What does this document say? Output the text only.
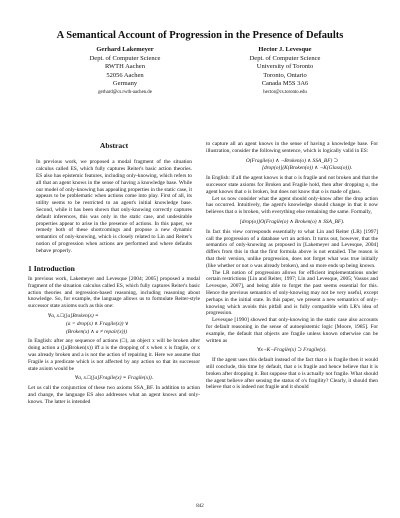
A Semantical Account of Progression in the Presence of Defaults
Gerhard Lakemeyer
Dept. of Computer Science
RWTH Aachen
52056 Aachen
Germany
gerhard@cs.rwth-aachen.de
Hector J. Levesque
Dept. of Computer Science
University of Toronto
Toronto, Ontario
Canada M5S 3A6
hector@cs.toronto.edu
Abstract

In previous work, we proposed a modal fragment of the situation calculus called ES, which fully captures Reiter's basic action theories. ES also has epistemic features, including only-knowing, which refers to all that an agent knows in the sense of having a knowledge base. While our model of only-knowing has appealing properties in the static case, it appears to be problematic when actions come into play. First of all, its utility seems to be restricted to an agent's initial knowledge base. Second, while it has been shown that only-knowing correctly captures default inferences, this was only in the static case, and undesirable properties appear to arise in the presence of actions. In this paper, we remedy both of these shortcomings and propose a new dynamic semantics of only-knowing, which is closely related to Lin and Reiter's notion of progression when actions are performed and where defaults behave properly.

1 Introduction

In previous work, Lakemeyer and Levesque [2004; 2005] proposed a modal fragment of the situation calculus called ES, which fully captures Reiter's basic action theories and regression-based reasoning, including reasoning about knowledge. So, for example, the language allows us to formulate Reiter-style successor state axioms such as this one:

∀a, x.□([a]Broken(x) ≡
(a = drop(x) ∧ Fragile(x)) ∨
(Broken(x) ∧ a ≠ repair(x)))

In English: after any sequence of actions (□), an object x will be broken after doing action a ([a]Broken(x)) iff a is the dropping of x when x is fragile, or x was already broken and a is not the action of repairing it. Here we assume that Fragile is a predicate which is not affected by any action so that its successor state axiom would be

∀a, x.□([a]Fragile(x) ≡ Fragile(x)).

Let us call the conjunction of these two axioms SSA_BF. In addition to action and change, the language ES also addresses what an agent knows and only-knows. The latter is intended

to capture all an agent knows in the sense of having a knowledge base. For illustration, consider the following sentence, which is logically valid in ES:

O(Fragile(o) ∧ ¬Broken(o) ∧ SSA_BF) ⊃
[drop(o)](K(Broken(o)) ∧ ¬K(Glass(o))).

In English: if all the agent knows is that o is fragile and not broken and that the successor state axioms for Broken and Fragile hold, then after dropping o, the agent knows that o is broken, but does not know that o is made of glass.

Let us now consider what the agent should only-know after the drop action has occurred. Intuitively, the agent's knowledge should change in that it now believes that o is broken, with everything else remaining the same. Formally,

[drop(o)]O(Fragile(o) ∧ Broken(o) ∧ SSA_BF).

In fact this view corresponds essentially to what Lin and Reiter (LR) [1997] call the progression of a database wrt an action. It turns out, however, that the semantics of only-knowing as proposed in [Lakemeyer and Levesque, 2004] differs from this in that the first formula above is not entailed. The reason is that their version, unlike progression, does not forget what was true initially (like whether or not o was already broken), and so more ends up being known.

The LR notion of progression allows for efficient implementations under certain restrictions [Lin and Reiter, 1997; Lin and Levesque, 2005; Vassos and Levesque, 2007], and being able to forget the past seems essential for this. Hence the previous semantics of only-knowing may not be very useful, except perhaps in the initial state. In this paper, we present a new semantics of only-knowing which avoids this pitfall and is fully compatible with LR's idea of progression.

Levesque [1990] showed that only-knowing in the static case also accounts for default reasoning in the sense of autoepistemic logic [Moore, 1985]. For example, the default that objects are fragile unless known otherwise can be written as

∀x¬K¬Fragile(x) ⊃ Fragile(x).

If the agent uses this default instead of the fact that o is fragile then it would still conclude, this time by default, that o is fragile and hence believe that it is broken after dropping it. But suppose that o is actually not fragile. What should the agent believe after sensing the status of o's fragility? Clearly, it should then believe that o is indeed not fragile and it should

842
